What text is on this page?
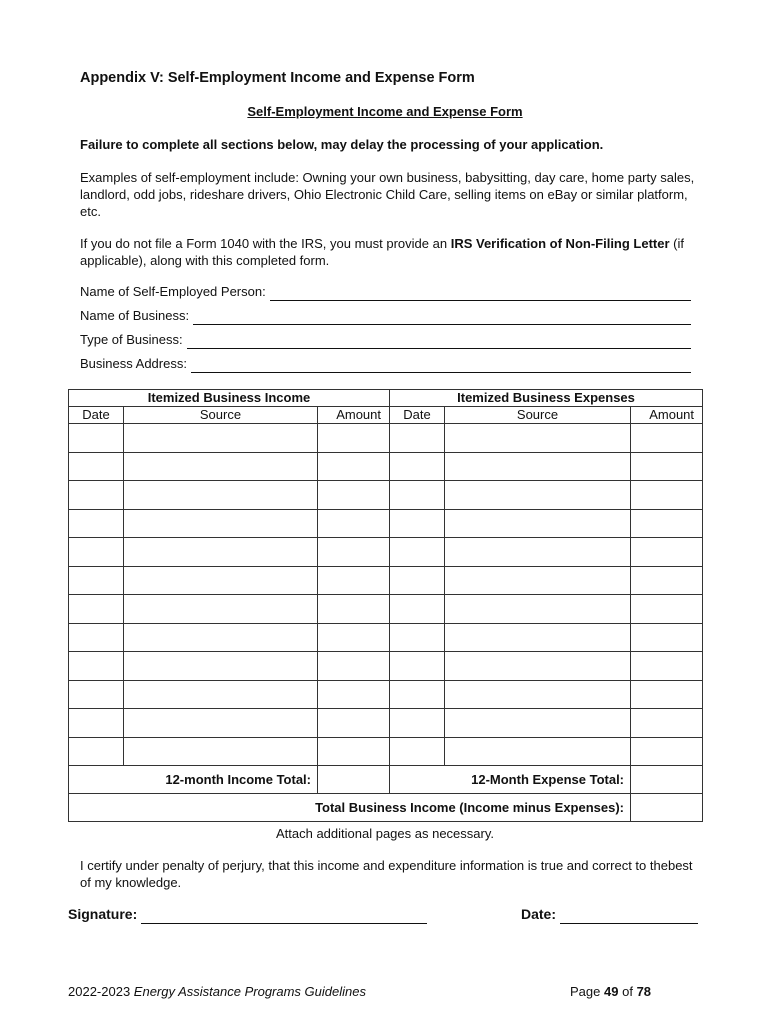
Appendix V: Self-Employment Income and Expense Form
Self-Employment Income and Expense Form
Failure to complete all sections below, may delay the processing of your application.
Examples of self-employment include: Owning your own business, babysitting, day care, home party sales, landlord, odd jobs, rideshare drivers, Ohio Electronic Child Care, selling items on eBay or similar platform, etc.
If you do not file a Form 1040 with the IRS, you must provide an IRS Verification of Non-Filing Letter (if applicable), along with this completed form.
Name of Self-Employed Person:
Name of Business:
Type of Business:
Business Address:
Itemized Business Income			Itemized Business Expenses		
Date	Source	Amount	Date	Source	Amount

12-month Income Total:			12-Month Expense Total:		
Total Business Income (Income minus Expenses):					
Attach additional pages as necessary.
I certify under penalty of perjury, that this income and expenditure information is true and correct to thebest of my knowledge.
Signature:	Date:
2022-2023 Energy Assistance Programs Guidelines	Page 49 of 78
